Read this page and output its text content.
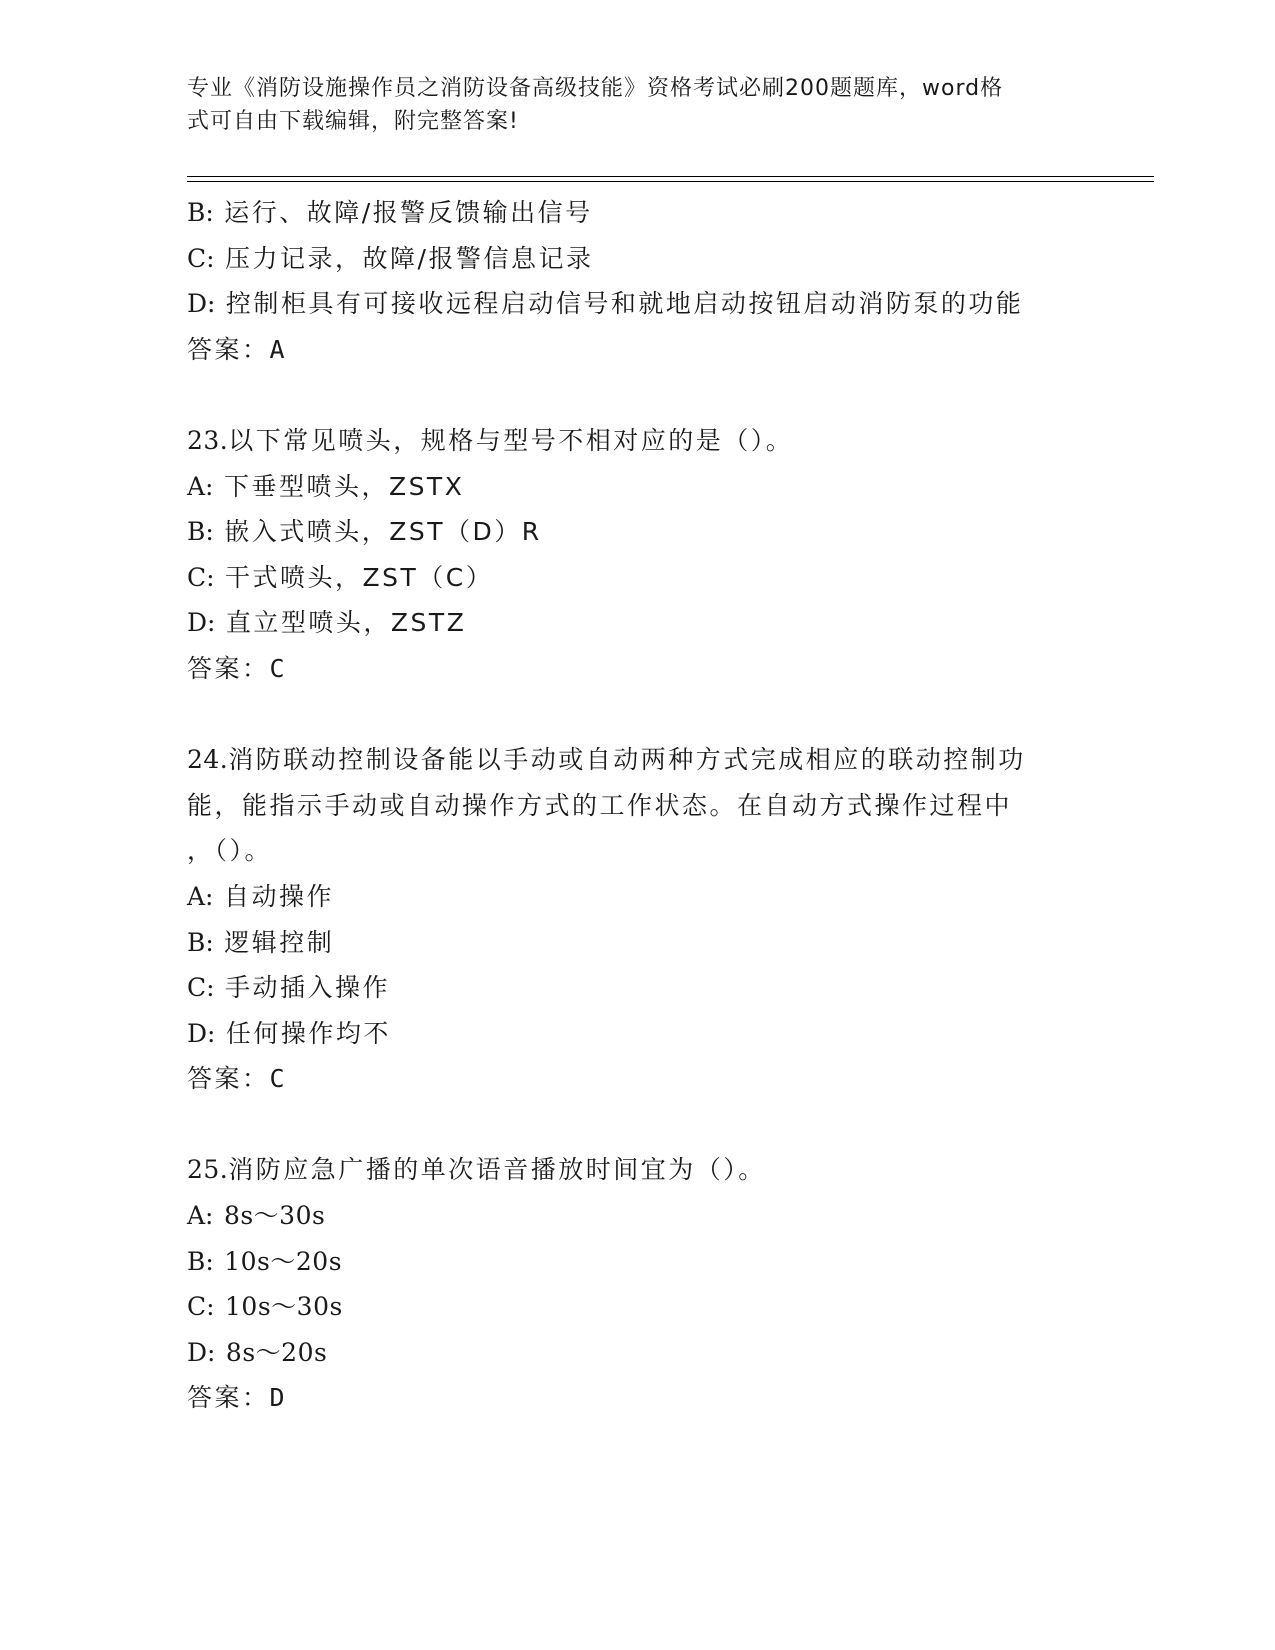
专业《消防设施操作员之消防设备高级技能》资格考试必刷200题题库，word格
式可自由下载编辑，附完整答案!
B: 运行、故障/报警反馈输出信号
C: 压力记录，故障/报警信息记录
D: 控制柜具有可接收远程启动信号和就地启动按钮启动消防泵的功能
答案：A
23.以下常见喷头，规格与型号不相对应的是（）。
A: 下垂型喷头，ZSTX
B: 嵌入式喷头，ZST（D）R
C: 干式喷头，ZST（C）
D: 直立型喷头，ZSTZ
答案：C
24.消防联动控制设备能以手动或自动两种方式完成相应的联动控制功
能，能指示手动或自动操作方式的工作状态。在自动方式操作过程中
，（）。
A: 自动操作
B: 逻辑控制
C: 手动插入操作
D: 任何操作均不
答案：C
25.消防应急广播的单次语音播放时间宜为（）。
A: 8s～30s
B: 10s～20s
C: 10s～30s
D: 8s～20s
答案：D
